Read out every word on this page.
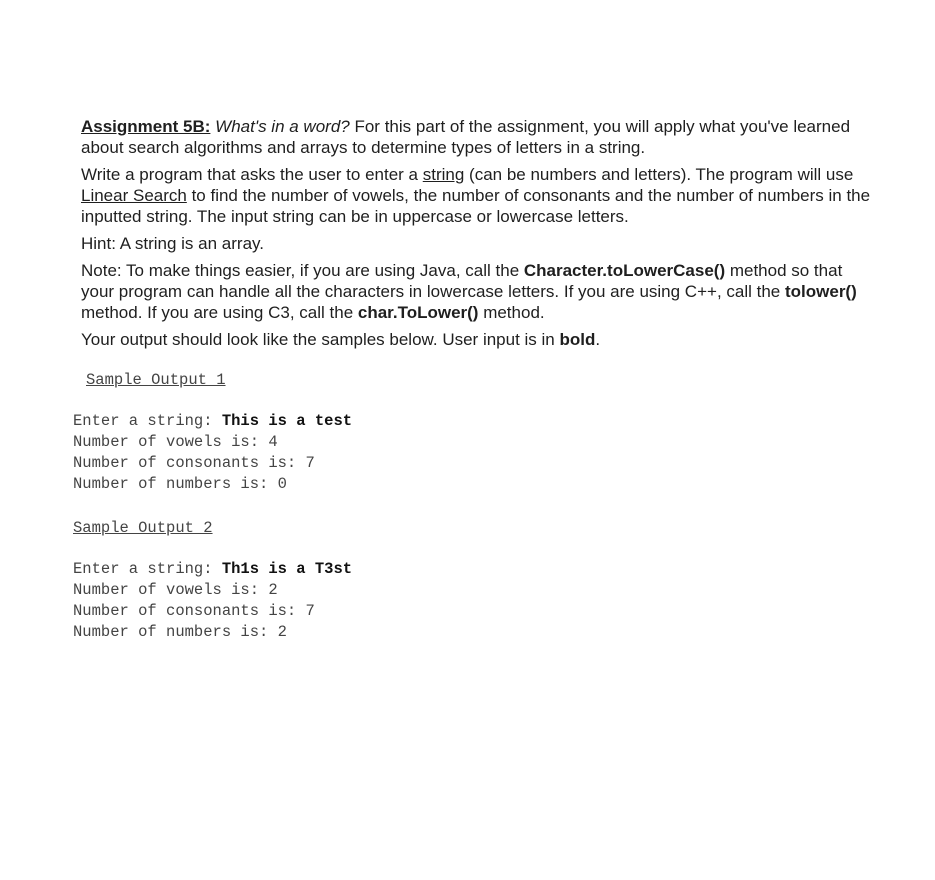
Assignment 5B: What's in a word? For this part of the assignment, you will apply what you've learned about search algorithms and arrays to determine types of letters in a string.

Write a program that asks the user to enter a string (can be numbers and letters). The program will use Linear Search to find the number of vowels, the number of consonants and the number of numbers in the inputted string. The input string can be in uppercase or lowercase letters.

Hint: A string is an array.

Note: To make things easier, if you are using Java, call the Character.toLowerCase() method so that your program can handle all the characters in lowercase letters. If you are using C++, call the tolower() method. If you are using C3, call the char.ToLower() method.

Your output should look like the samples below. User input is in bold.

Sample Output 1
Enter a string: This is a test
Number of vowels is: 4
Number of consonants is: 7
Number of numbers is: 0
Sample Output 2
Enter a string: Th1s is a T3st
Number of vowels is: 2
Number of consonants is: 7
Number of numbers is: 2
